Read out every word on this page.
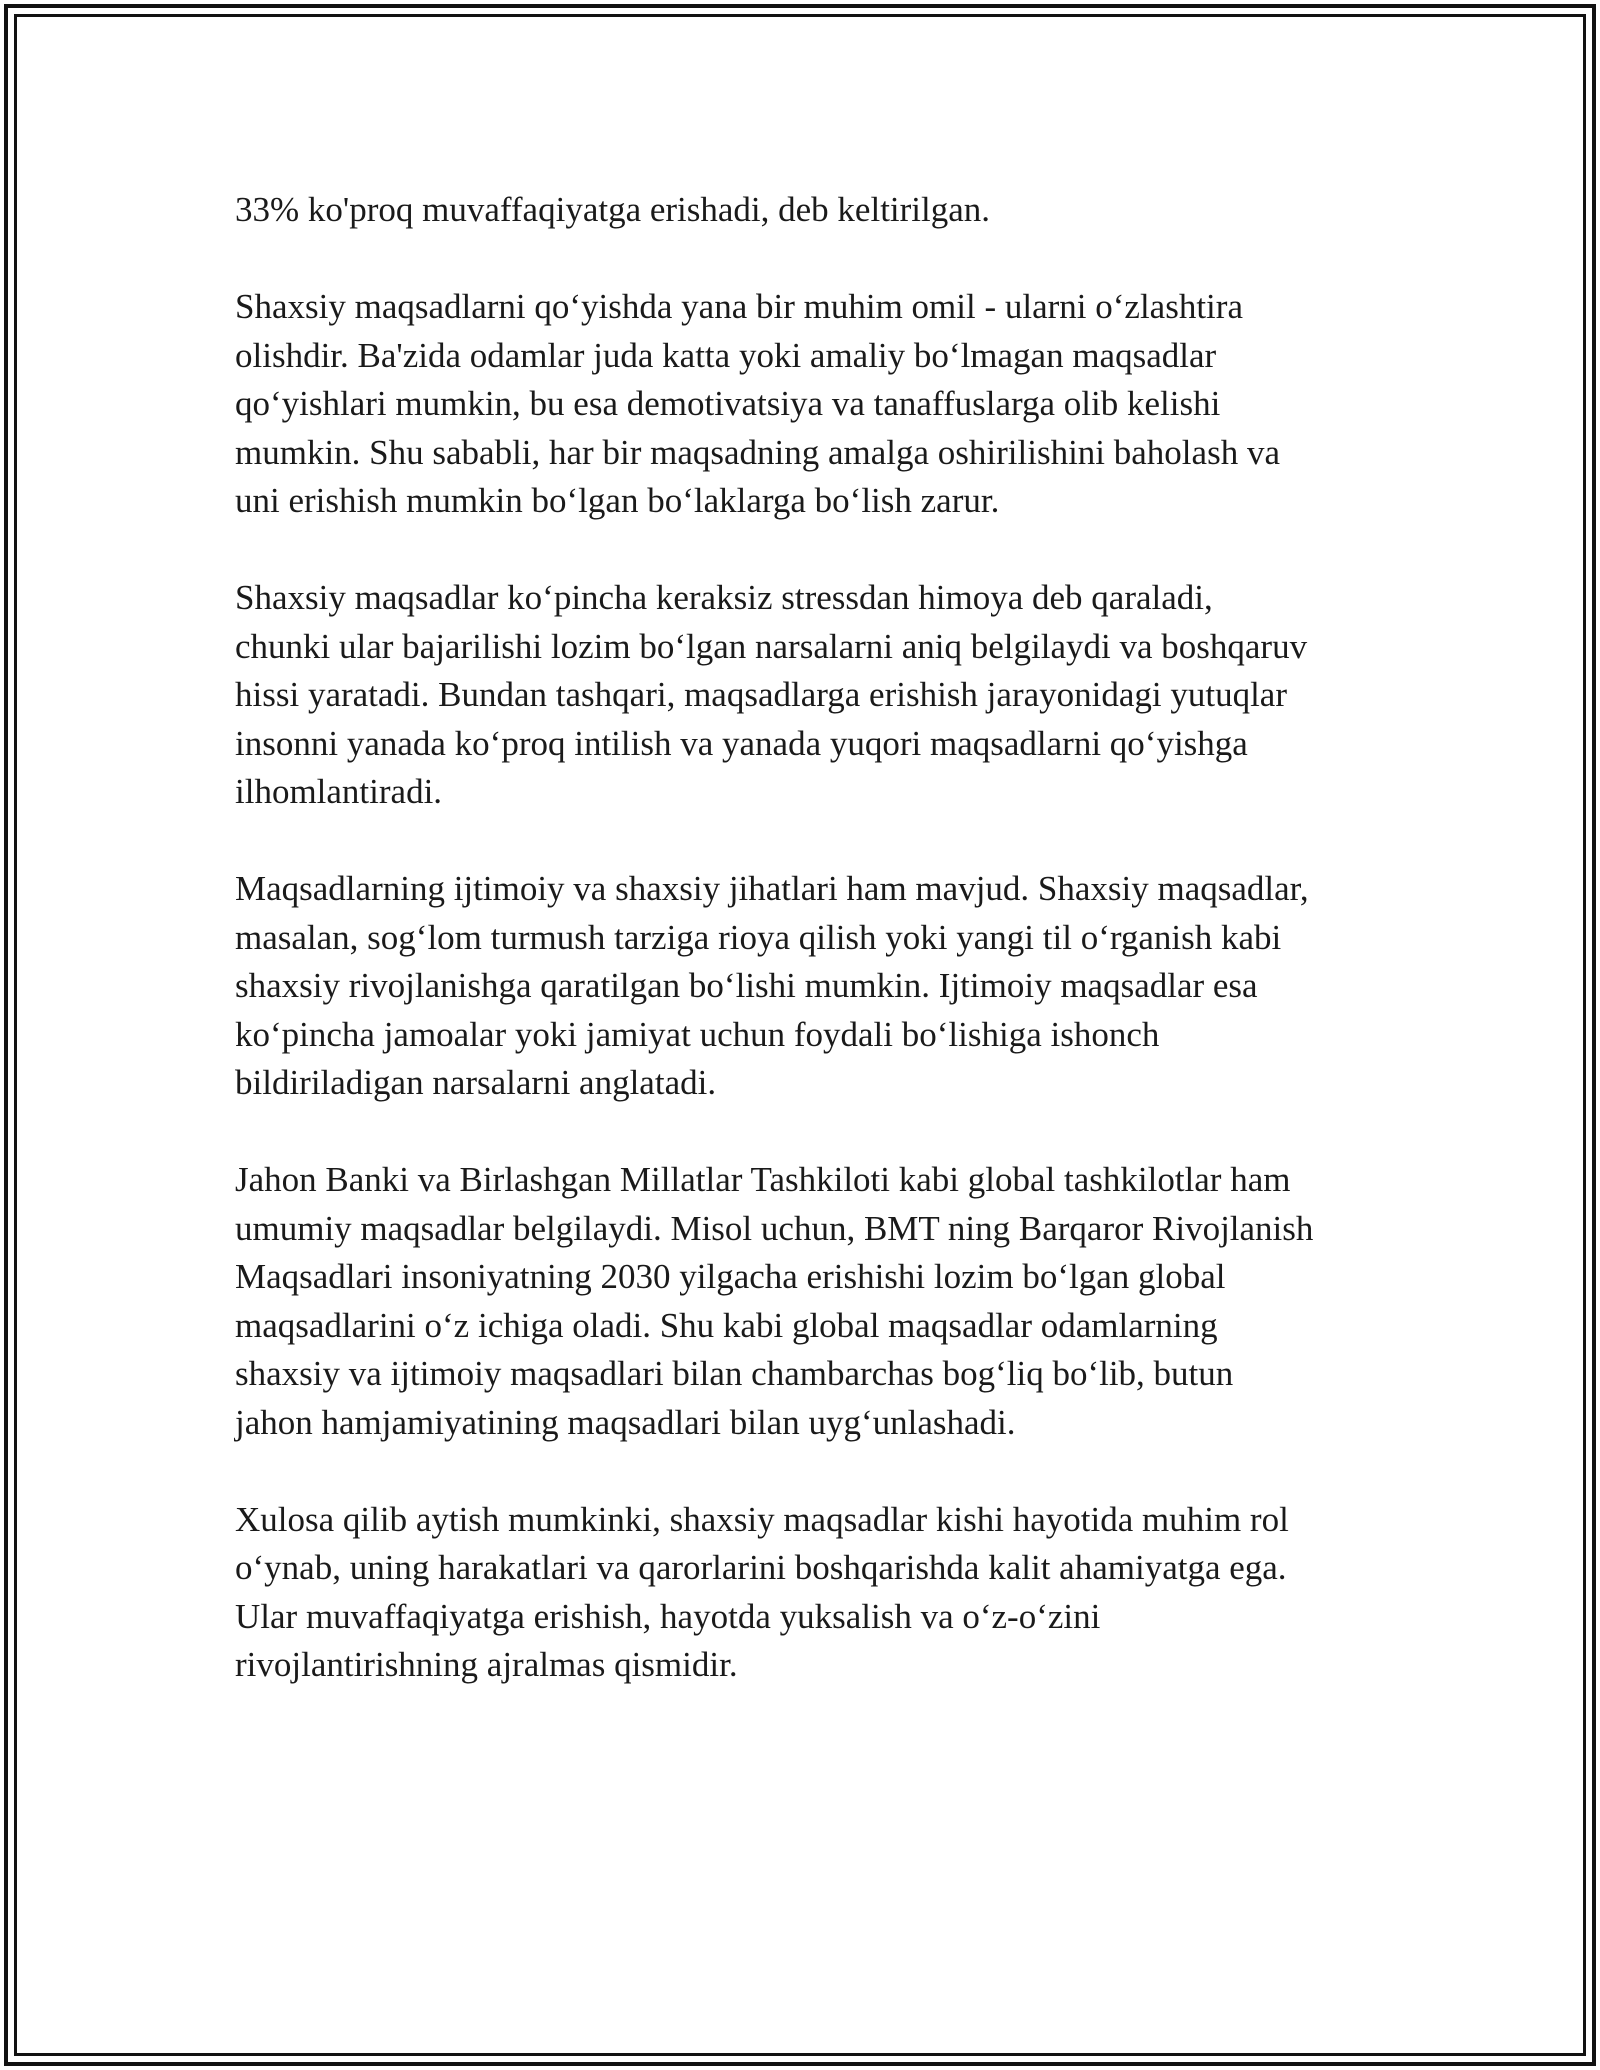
33% ko'proq muvaffaqiyatga erishadi, deb keltirilgan.

Shaxsiy maqsadlarni qo‘yishda yana bir muhim omil - ularni o‘zlashtira
olishdir. Ba'zida odamlar juda katta yoki amaliy bo‘lmagan maqsadlar
qo‘yishlari mumkin, bu esa demotivatsiya va tanaffuslarga olib kelishi
mumkin. Shu sababli, har bir maqsadning amalga oshirilishini baholash va
uni erishish mumkin bo‘lgan bo‘laklarga bo‘lish zarur.

Shaxsiy maqsadlar ko‘pincha keraksiz stressdan himoya deb qaraladi,
chunki ular bajarilishi lozim bo‘lgan narsalarni aniq belgilaydi va boshqaruv
hissi yaratadi. Bundan tashqari, maqsadlarga erishish jarayonidagi yutuqlar
insonni yanada ko‘proq intilish va yanada yuqori maqsadlarni qo‘yishga
ilhomlantiradi.

Maqsadlarning ijtimoiy va shaxsiy jihatlari ham mavjud. Shaxsiy maqsadlar,
masalan, sog‘lom turmush tarziga rioya qilish yoki yangi til o‘rganish kabi
shaxsiy rivojlanishga qaratilgan bo‘lishi mumkin. Ijtimoiy maqsadlar esa
ko‘pincha jamoalar yoki jamiyat uchun foydali bo‘lishiga ishonch
bildiriladigan narsalarni anglatadi.

Jahon Banki va Birlashgan Millatlar Tashkiloti kabi global tashkilotlar ham
umumiy maqsadlar belgilaydi. Misol uchun, BMT ning Barqaror Rivojlanish
Maqsadlari insoniyatning 2030 yilgacha erishishi lozim bo‘lgan global
maqsadlarini o‘z ichiga oladi. Shu kabi global maqsadlar odamlarning
shaxsiy va ijtimoiy maqsadlari bilan chambarchas bog‘liq bo‘lib, butun
jahon hamjamiyatining maqsadlari bilan uyg‘unlashadi.

Xulosa qilib aytish mumkinki, shaxsiy maqsadlar kishi hayotida muhim rol
o‘ynab, uning harakatlari va qarorlarini boshqarishda kalit ahamiyatga ega.
Ular muvaffaqiyatga erishish, hayotda yuksalish va o‘z-o‘zini
rivojlantirishning ajralmas qismidir.
